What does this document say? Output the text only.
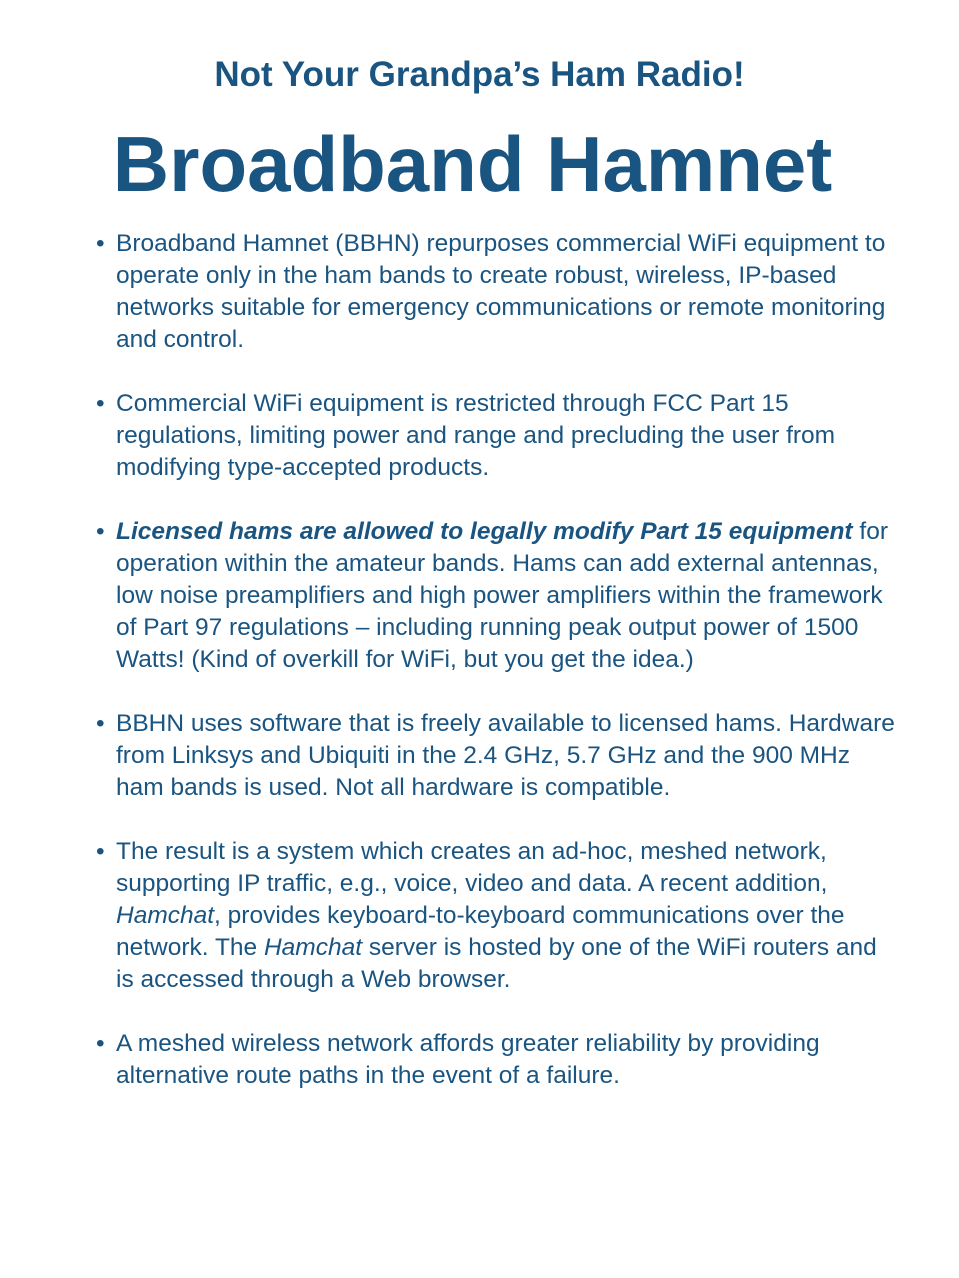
Not Your Grandpa’s Ham Radio!
Broadband Hamnet
• Broadband Hamnet (BBHN) repurposes commercial WiFi equipment to operate only in the ham bands to create robust, wireless, IP-based networks suitable for emergency communications or remote monitoring and control.
• Commercial WiFi equipment is restricted through FCC Part 15 regulations, limiting power and range and precluding the user from modifying type-accepted products.
• Licensed hams are allowed to legally modify Part 15 equipment for operation within the amateur bands. Hams can add external antennas, low noise preamplifiers and high power amplifiers within the framework of Part 97 regulations – including running peak output power of 1500 Watts! (Kind of overkill for WiFi, but you get the idea.)
• BBHN uses software that is freely available to licensed hams. Hardware from Linksys and Ubiquiti in the 2.4 GHz, 5.7 GHz and the 900 MHz ham bands is used. Not all hardware is compatible.
• The result is a system which creates an ad-hoc, meshed network, supporting IP traffic, e.g., voice, video and data. A recent addition, Hamchat, provides keyboard-to-keyboard communications over the network. The Hamchat server is hosted by one of the WiFi routers and is accessed through a Web browser.
• A meshed wireless network affords greater reliability by providing alternative route paths in the event of a failure.
